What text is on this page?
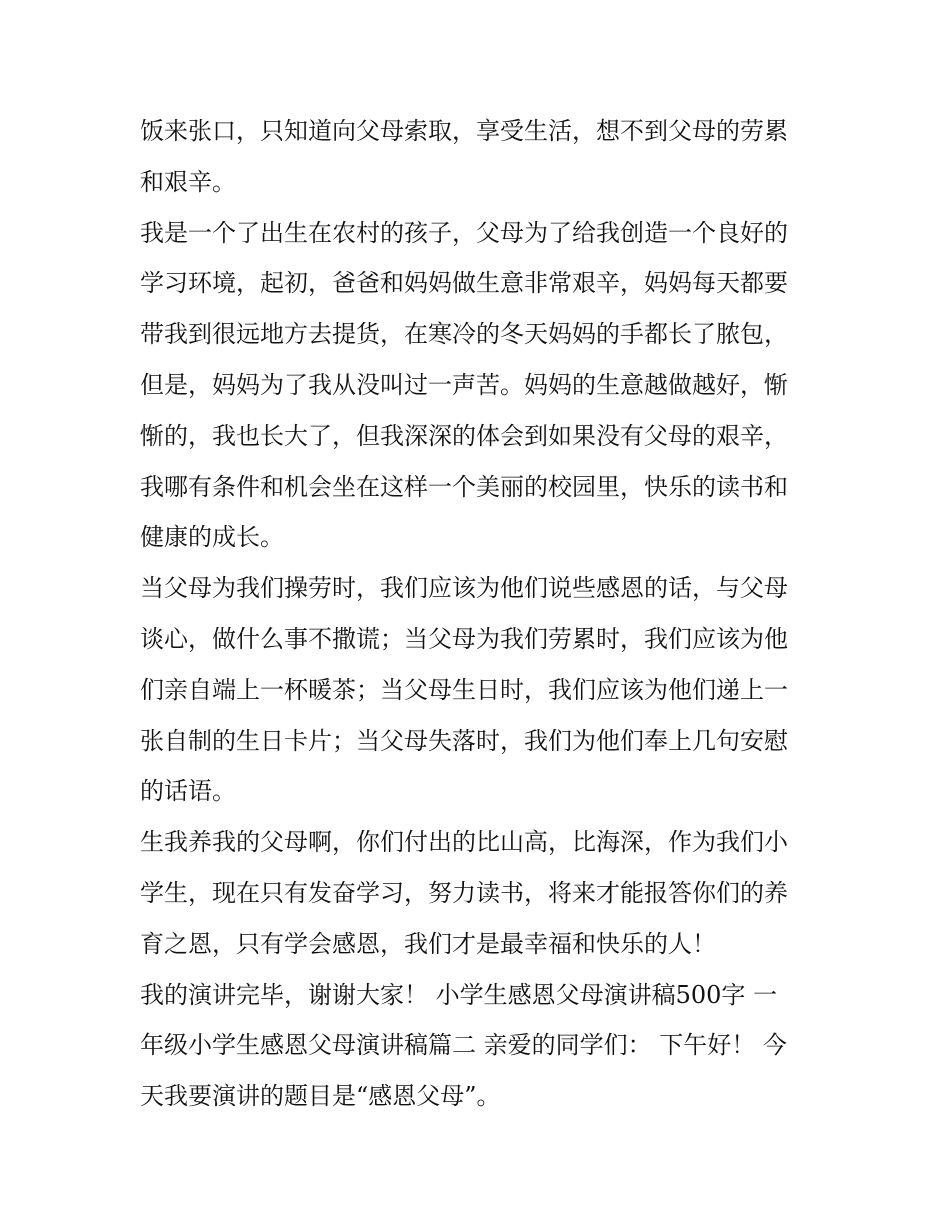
饭来张口，只知道向父母索取，享受生活，想不到父母的劳累
和艰辛。
我是一个了出生在农村的孩子，父母为了给我创造一个良好的
学习环境，起初，爸爸和妈妈做生意非常艰辛，妈妈每天都要
带我到很远地方去提货，在寒冷的冬天妈妈的手都长了脓包，
但是，妈妈为了我从没叫过一声苦。妈妈的生意越做越好，惭
惭的，我也长大了，但我深深的体会到如果没有父母的艰辛，
我哪有条件和机会坐在这样一个美丽的校园里，快乐的读书和
健康的成长。
当父母为我们操劳时，我们应该为他们说些感恩的话，与父母
谈心，做什么事不撒谎；当父母为我们劳累时，我们应该为他
们亲自端上一杯暖茶；当父母生日时，我们应该为他们递上一
张自制的生日卡片；当父母失落时，我们为他们奉上几句安慰
的话语。
生我养我的父母啊，你们付出的比山高，比海深，作为我们小
学生，现在只有发奋学习，努力读书，将来才能报答你们的养
育之恩，只有学会感恩，我们才是最幸福和快乐的人！
我的演讲完毕，谢谢大家！ 小学生感恩父母演讲稿500字 一
年级小学生感恩父母演讲稿篇二 亲爱的同学们： 下午好！ 今
天我要演讲的题目是“感恩父母”。
